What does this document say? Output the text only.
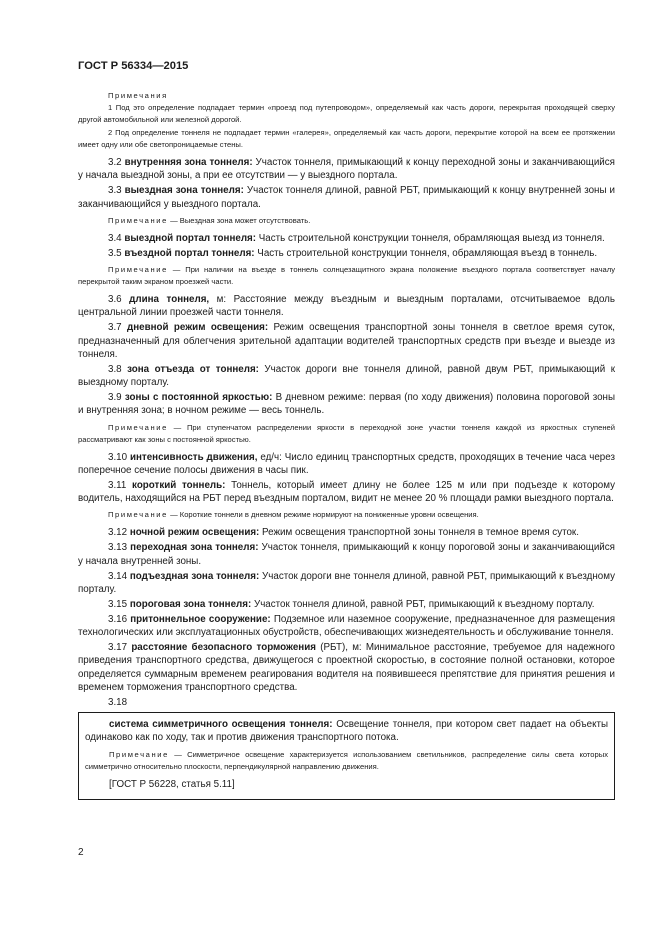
ГОСТ Р 56334—2015

Примечания

1 Под это определение подпадает термин «проезд под путепроводом», определяемый как часть дороги, перекрытая проходящей сверху другой автомобильной или железной дорогой.

2 Под определение тоннеля не подпадает термин «галерея», определяемый как часть дороги, перекрытие которой на всем ее протяжении имеет одну или обе светопроницаемые стены.

3.2 внутренняя зона тоннеля: Участок тоннеля, примыкающий к концу переходной зоны и заканчивающийся у начала выездной зоны, а при ее отсутствии — у выездного портала.

3.3 выездная зона тоннеля: Участок тоннеля длиной, равной РБТ, примыкающий к концу внутренней зоны и заканчивающийся у выездного портала.

Примечание — Выездная зона может отсутствовать.

3.4 выездной портал тоннеля: Часть строительной конструкции тоннеля, обрамляющая выезд из тоннеля.

3.5 въездной портал тоннеля: Часть строительной конструкции тоннеля, обрамляющая въезд в тоннель.

Примечание — При наличии на въезде в тоннель солнцезащитного экрана положение въездного портала соответствует началу перекрытой таким экраном проезжей части.

3.6 длина тоннеля, м: Расстояние между въездным и выездным порталами, отсчитываемое вдоль центральной линии проезжей части тоннеля.

3.7 дневной режим освещения: Режим освещения транспортной зоны тоннеля в светлое время суток, предназначенный для облегчения зрительной адаптации водителей транспортных средств при въезде и выезде из тоннеля.

3.8 зона отъезда от тоннеля: Участок дороги вне тоннеля длиной, равной двум РБТ, примыкающий к выездному порталу.

3.9 зоны с постоянной яркостью: В дневном режиме: первая (по ходу движения) половина пороговой зоны и внутренняя зона; в ночном режиме — весь тоннель.

Примечание — При ступенчатом распределении яркости в переходной зоне участки тоннеля каждой из яркостных ступеней рассматривают как зоны с постоянной яркостью.

3.10 интенсивность движения, ед/ч: Число единиц транспортных средств, проходящих в течение часа через поперечное сечение полосы движения в часы пик.

3.11 короткий тоннель: Тоннель, который имеет длину не более 125 м или при подъезде к которому водитель, находящийся на РБТ перед въездным порталом, видит не менее 20 % площади рамки выездного портала.

Примечание — Короткие тоннели в дневном режиме нормируют на пониженные уровни освещения.

3.12 ночной режим освещения: Режим освещения транспортной зоны тоннеля в темное время суток.

3.13 переходная зона тоннеля: Участок тоннеля, примыкающий к концу пороговой зоны и заканчивающийся у начала внутренней зоны.

3.14 подъездная зона тоннеля: Участок дороги вне тоннеля длиной, равной РБТ, примыкающий к въездному порталу.

3.15 пороговая зона тоннеля: Участок тоннеля длиной, равной РБТ, примыкающий к въездному порталу.

3.16 притоннельное сооружение: Подземное или наземное сооружение, предназначенное для размещения технологических или эксплуатационных обустройств, обеспечивающих жизнедеятельность и обслуживание тоннеля.

3.17 расстояние безопасного торможения (РБТ), м: Минимальное расстояние, требуемое для надежного приведения транспортного средства, движущегося с проектной скоростью, в состояние полной остановки, которое определяется суммарным временем реагирования водителя на появившееся препятствие для принятия решения и временем торможения транспортного средства.

3.18

система симметричного освещения тоннеля: Освещение тоннеля, при котором свет падает на объекты одинаково как по ходу, так и против движения транспортного потока.

Примечание — Симметричное освещение характеризуется использованием светильников, распределение силы света которых симметрично относительно плоскости, перпендикулярной направлению движения.

[ГОСТ Р 56228, статья 5.11]

2
